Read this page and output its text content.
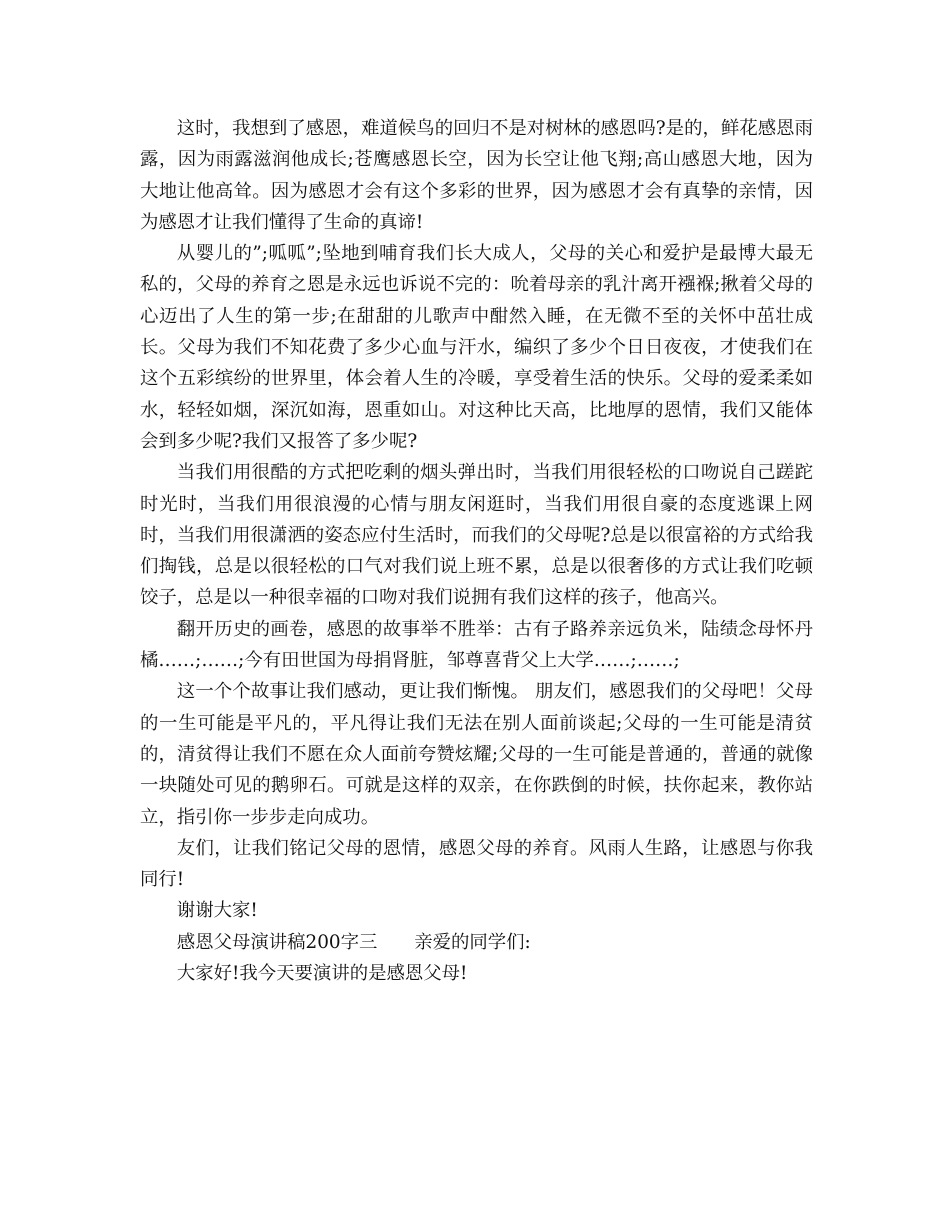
这时，我想到了感恩，难道候鸟的回归不是对树林的感恩吗?是的，鲜花感恩雨露，因为雨露滋润他成长;苍鹰感恩长空，因为长空让他飞翔;高山感恩大地，因为大地让他高耸。因为感恩才会有这个多彩的世界，因为感恩才会有真挚的亲情，因为感恩才让我们懂得了生命的真谛!

从婴儿的”;呱呱”;坠地到哺育我们长大成人，父母的关心和爱护是最博大最无私的，父母的养育之恩是永远也诉说不完的：吮着母亲的乳汁离开襁褓;揪着父母的心迈出了人生的第一步;在甜甜的儿歌声中酣然入睡，在无微不至的关怀中茁壮成长。父母为我们不知花费了多少心血与汗水，编织了多少个日日夜夜，才使我们在这个五彩缤纷的世界里，体会着人生的冷暖，享受着生活的快乐。父母的爱柔柔如水，轻轻如烟，深沉如海，恩重如山。对这种比天高，比地厚的恩情，我们又能体会到多少呢?我们又报答了多少呢?

当我们用很酷的方式把吃剩的烟头弹出时，当我们用很轻松的口吻说自己蹉跎时光时，当我们用很浪漫的心情与朋友闲逛时，当我们用很自豪的态度逃课上网时，当我们用很潇洒的姿态应付生活时，而我们的父母呢?总是以很富裕的方式给我们掏钱，总是以很轻松的口气对我们说上班不累，总是以很奢侈的方式让我们吃顿饺子，总是以一种很幸福的口吻对我们说拥有我们这样的孩子，他高兴。

翻开历史的画卷，感恩的故事举不胜举：古有子路养亲远负米，陆绩念母怀丹橘……;……;今有田世国为母捐肾脏，邹尊喜背父上大学……;……;

这一个个故事让我们感动，更让我们惭愧。 朋友们，感恩我们的父母吧！父母的一生可能是平凡的，平凡得让我们无法在别人面前谈起;父母的一生可能是清贫的，清贫得让我们不愿在众人面前夸赞炫耀;父母的一生可能是普通的，普通的就像一块随处可见的鹅卵石。可就是这样的双亲，在你跌倒的时候，扶你起来，教你站立，指引你一步步走向成功。

友们，让我们铭记父母的恩情，感恩父母的养育。风雨人生路，让感恩与你我同行!

谢谢大家!

感恩父母演讲稿200字三　　亲爱的同学们:

大家好!我今天要演讲的是感恩父母!
